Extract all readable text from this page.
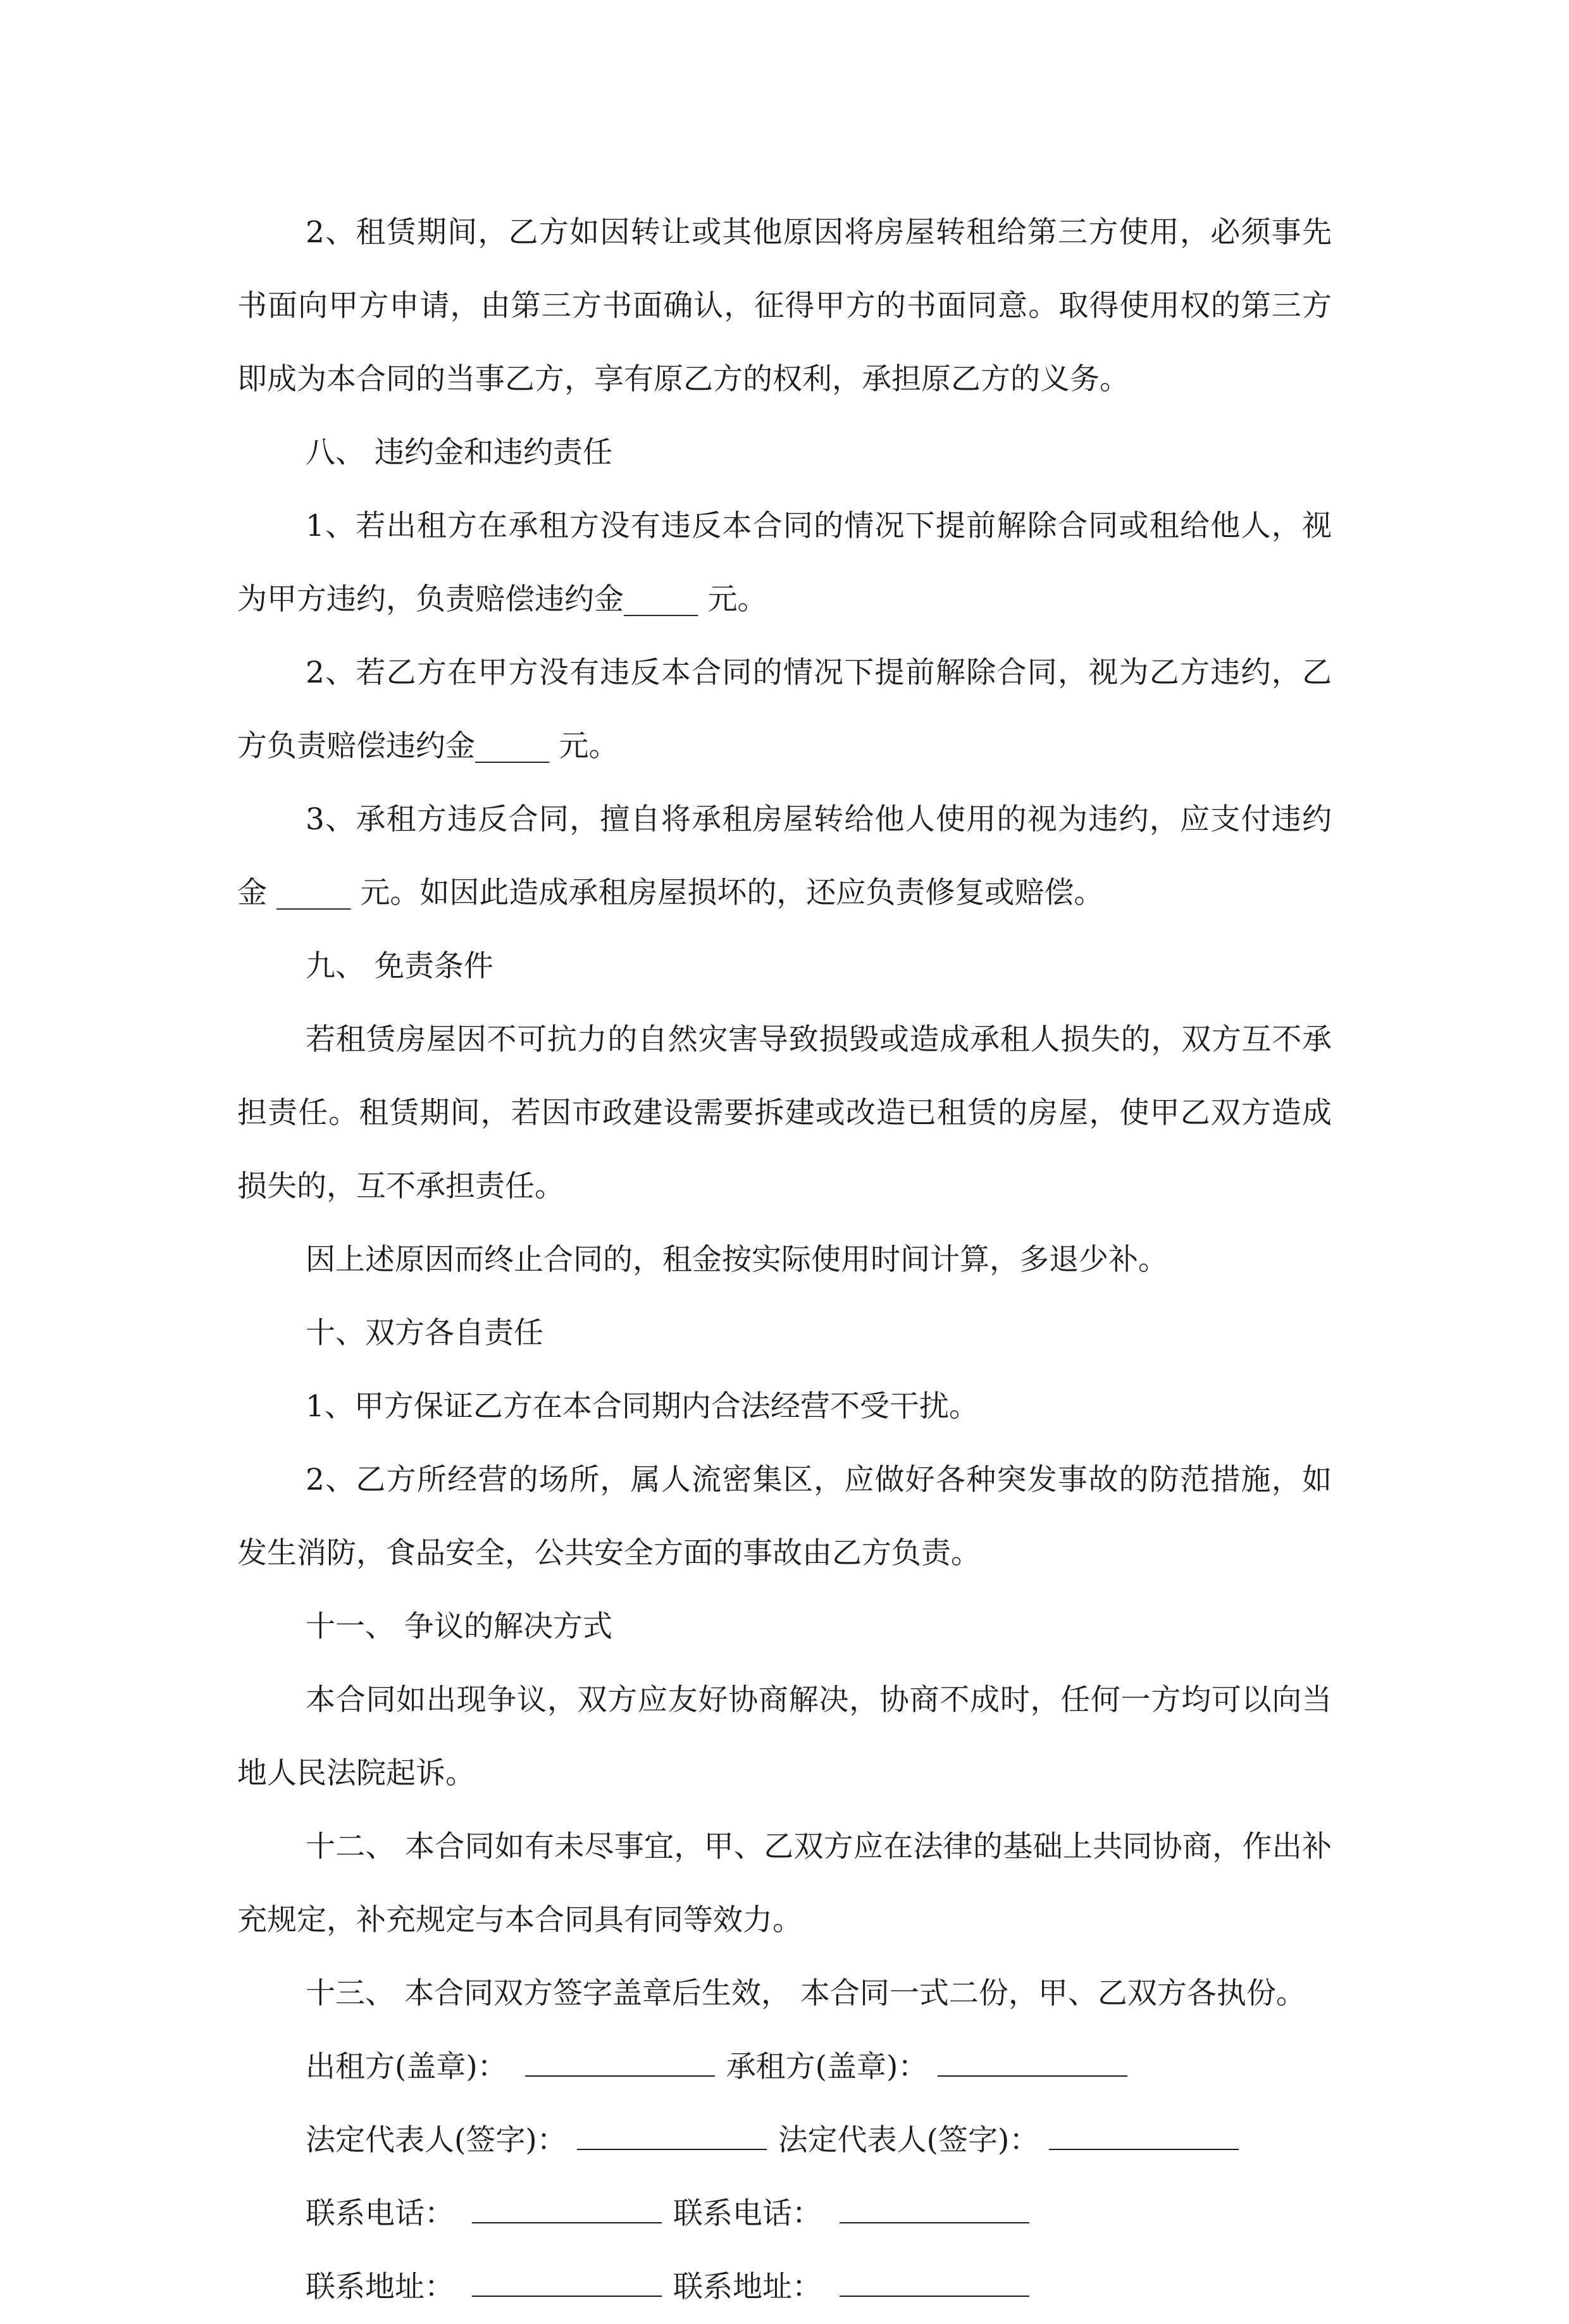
2、租赁期间，乙方如因转让或其他原因将房屋转租给第三方使用，必须事先书面向甲方申请，由第三方书面确认，征得甲方的书面同意。取得使用权的第三方即成为本合同的当事乙方，享有原乙方的权利，承担原乙方的义务。

八、 违约金和违约责任

1、若出租方在承租方没有违反本合同的情况下提前解除合同或租给他人，视为甲方违约，负责赔偿违约金_____ 元。

2、若乙方在甲方没有违反本合同的情况下提前解除合同，视为乙方违约，乙方负责赔偿违约金_____ 元。

3、承租方违反合同，擅自将承租房屋转给他人使用的视为违约，应支付违约金 _____ 元。如因此造成承租房屋损坏的，还应负责修复或赔偿。

九、 免责条件

若租赁房屋因不可抗力的自然灾害导致损毁或造成承租人损失的，双方互不承担责任。租赁期间，若因市政建设需要拆建或改造已租赁的房屋，使甲乙双方造成损失的，互不承担责任。

因上述原因而终止合同的，租金按实际使用时间计算，多退少补。

十、双方各自责任

1、甲方保证乙方在本合同期内合法经营不受干扰。

2、乙方所经营的场所，属人流密集区，应做好各种突发事故的防范措施，如发生消防，食品安全，公共安全方面的事故由乙方负责。

十一、 争议的解决方式

本合同如出现争议，双方应友好协商解决，协商不成时，任何一方均可以向当地人民法院起诉。

十二、 本合同如有未尽事宜，甲、乙双方应在法律的基础上共同协商，作出补充规定，补充规定与本合同具有同等效力。

十三、 本合同双方签字盖章后生效， 本合同一式二份，甲、乙双方各执份。

出租方(盖章)：	承租方(盖章)：
法定代表人(签字)：	法定代表人(签字)：
联系电话：	联系电话：
联系地址：	联系地址：
